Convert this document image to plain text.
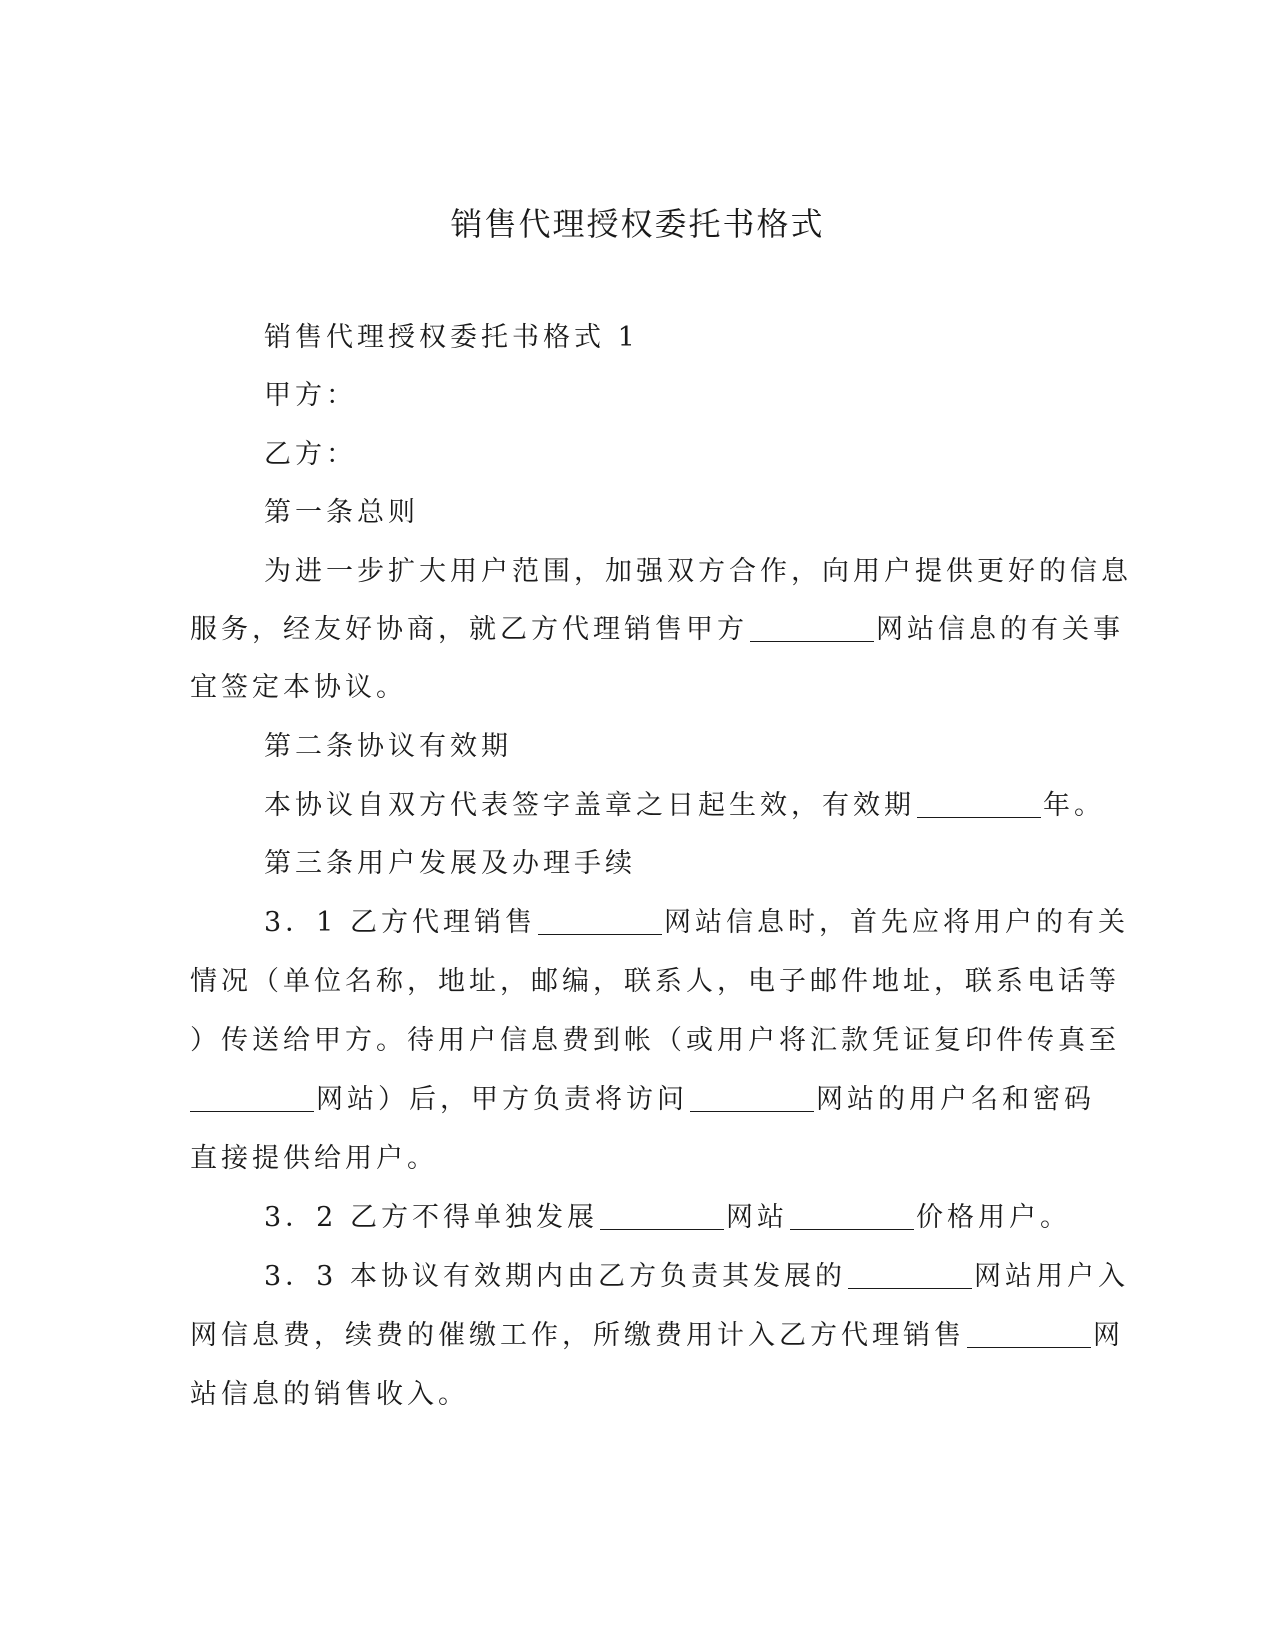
销售代理授权委托书格式
销售代理授权委托书格式 1
甲方：
乙方：
第一条总则
为进一步扩大用户范围，加强双方合作，向用户提供更好的信息
服务，经友好协商，就乙方代理销售甲方	网站信息的有关事
宜签定本协议。
第二条协议有效期
本协议自双方代表签字盖章之日起生效，有效期	年。
第三条用户发展及办理手续
3．1 乙方代理销售	网站信息时，首先应将用户的有关
情况（单位名称，地址，邮编，联系人，电子邮件地址，联系电话等
）传送给甲方。待用户信息费到帐（或用户将汇款凭证复印件传真至
网站）后，甲方负责将访问	网站的用户名和密码
直接提供给用户。
3．2 乙方不得单独发展	网站	价格用户。
3．3 本协议有效期内由乙方负责其发展的	网站用户入
网信息费，续费的催缴工作，所缴费用计入乙方代理销售	网
站信息的销售收入。
